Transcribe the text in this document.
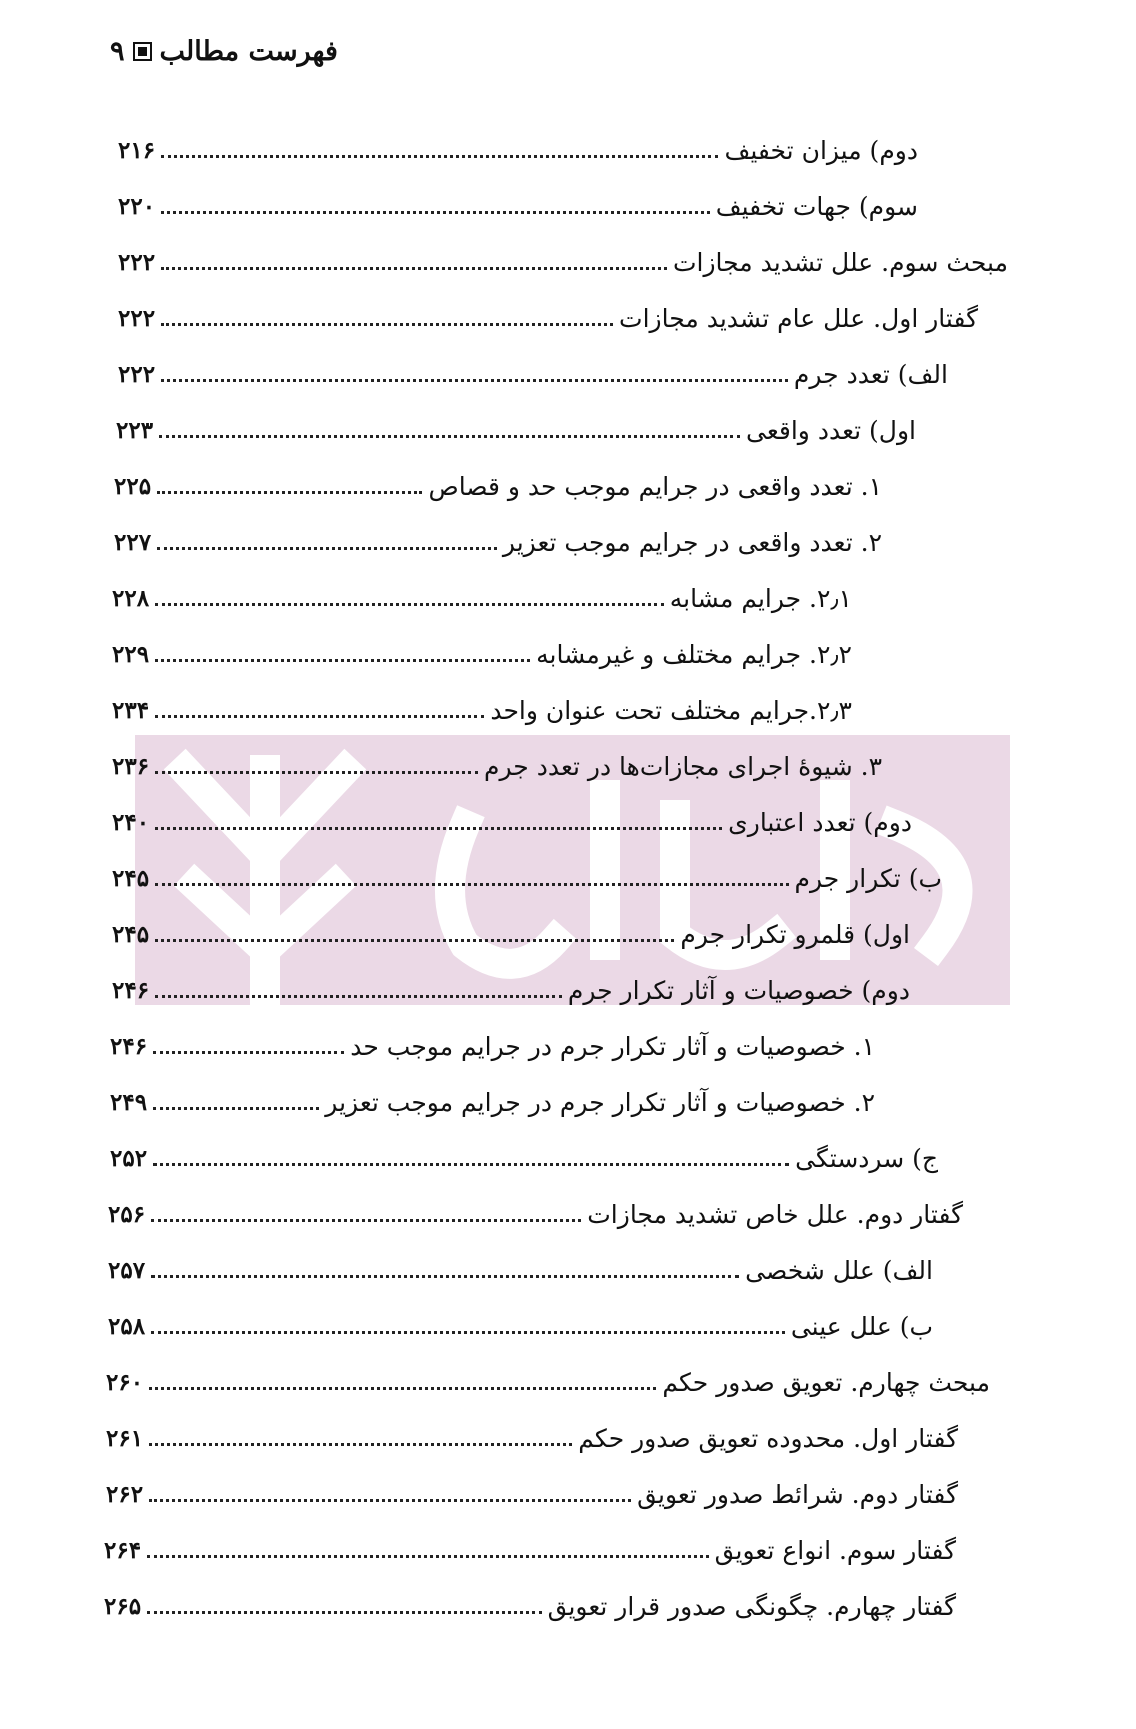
۹ فهرست مطالب
۲۱۶	دوم) میزان تخفیف
۲۲۰	سوم) جهات تخفیف
۲۲۲	مبحث سوم. علل تشدید مجازات
۲۲۲	گفتار اول. علل عام تشدید مجازات
۲۲۲	الف) تعدد جرم
۲۲۳	اول) تعدد واقعی
۲۲۵	۱. تعدد واقعی در جرایم موجب حد و قصاص
۲۲۷	۲. تعدد واقعی در جرایم موجب تعزیر
۲۲۸	۲٫۱. جرایم مشابه
۲۲۹	۲٫۲. جرایم مختلف و غیرمشابه
۲۳۴	۲٫۳.جرایم مختلف تحت عنوان واحد
۲۳۶	۳. شیوهٔ اجرای مجازات‌ها در تعدد جرم
۲۴۰	دوم) تعدد اعتباری
۲۴۵	ب) تکرار جرم
۲۴۵	اول) قلمرو تکرار جرم
۲۴۶	دوم) خصوصیات و آثار تکرار جرم
۲۴۶	۱. خصوصیات و آثار تکرار جرم در جرایم موجب حد
۲۴۹	۲. خصوصیات و آثار تکرار جرم در جرایم موجب تعزیر
۲۵۲	ج) سردستگی
۲۵۶	گفتار دوم. علل خاص تشدید مجازات
۲۵۷	الف) علل شخصی
۲۵۸	ب) علل عینی
۲۶۰	مبحث چهارم. تعویق صدور حکم
۲۶۱	گفتار اول. محدوده تعویق صدور حکم
۲۶۲	گفتار دوم. شرائط صدور تعویق
۲۶۴	گفتار سوم. انواع تعویق
۲۶۵	گفتار چهارم. چگونگی صدور قرار تعویق
